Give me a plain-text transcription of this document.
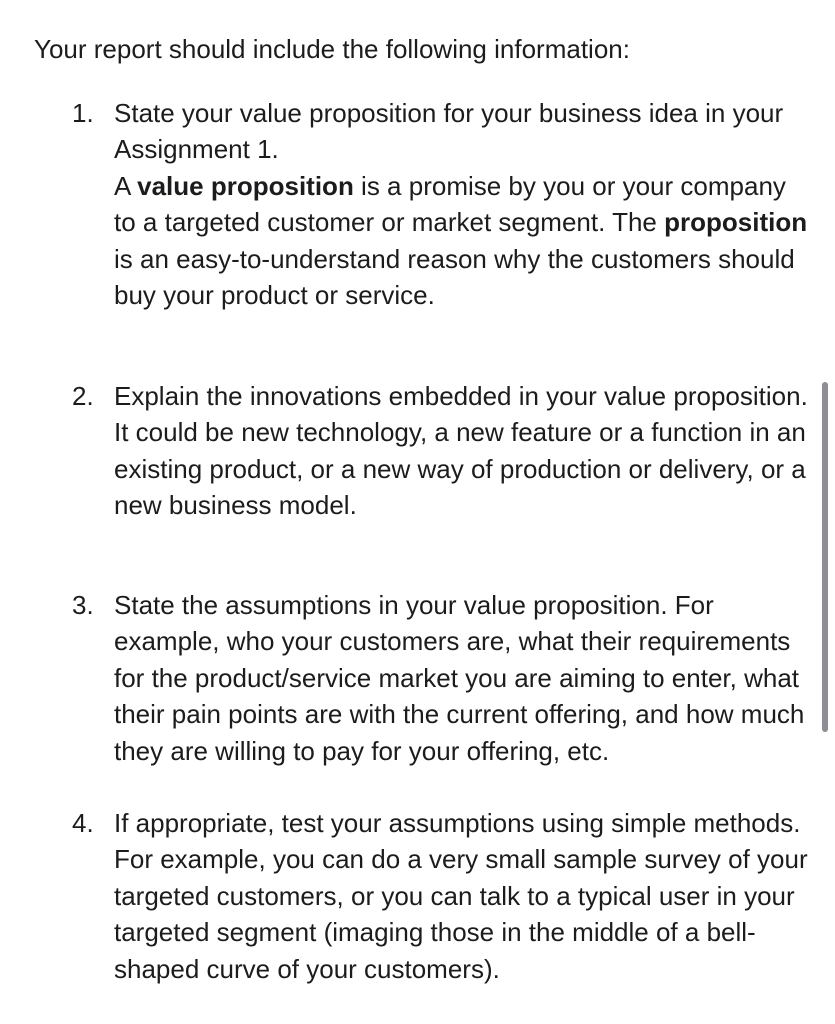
Your report should include the following information:

1. State your value proposition for your business idea in your Assignment 1.
A value proposition is a promise by you or your company to a targeted customer or market segment. The proposition is an easy-to-understand reason why the customers should buy your product or service.
2. Explain the innovations embedded in your value proposition. It could be new technology, a new feature or a function in an existing product, or a new way of production or delivery, or a new business model.
3. State the assumptions in your value proposition. For example, who your customers are, what their requirements for the product/service market you are aiming to enter, what their pain points are with the current offering, and how much they are willing to pay for your offering, etc.
4. If appropriate, test your assumptions using simple methods. For example, you can do a very small sample survey of your targeted customers, or you can talk to a typical user in your targeted segment (imaging those in the middle of a bell-shaped curve of your customers).
